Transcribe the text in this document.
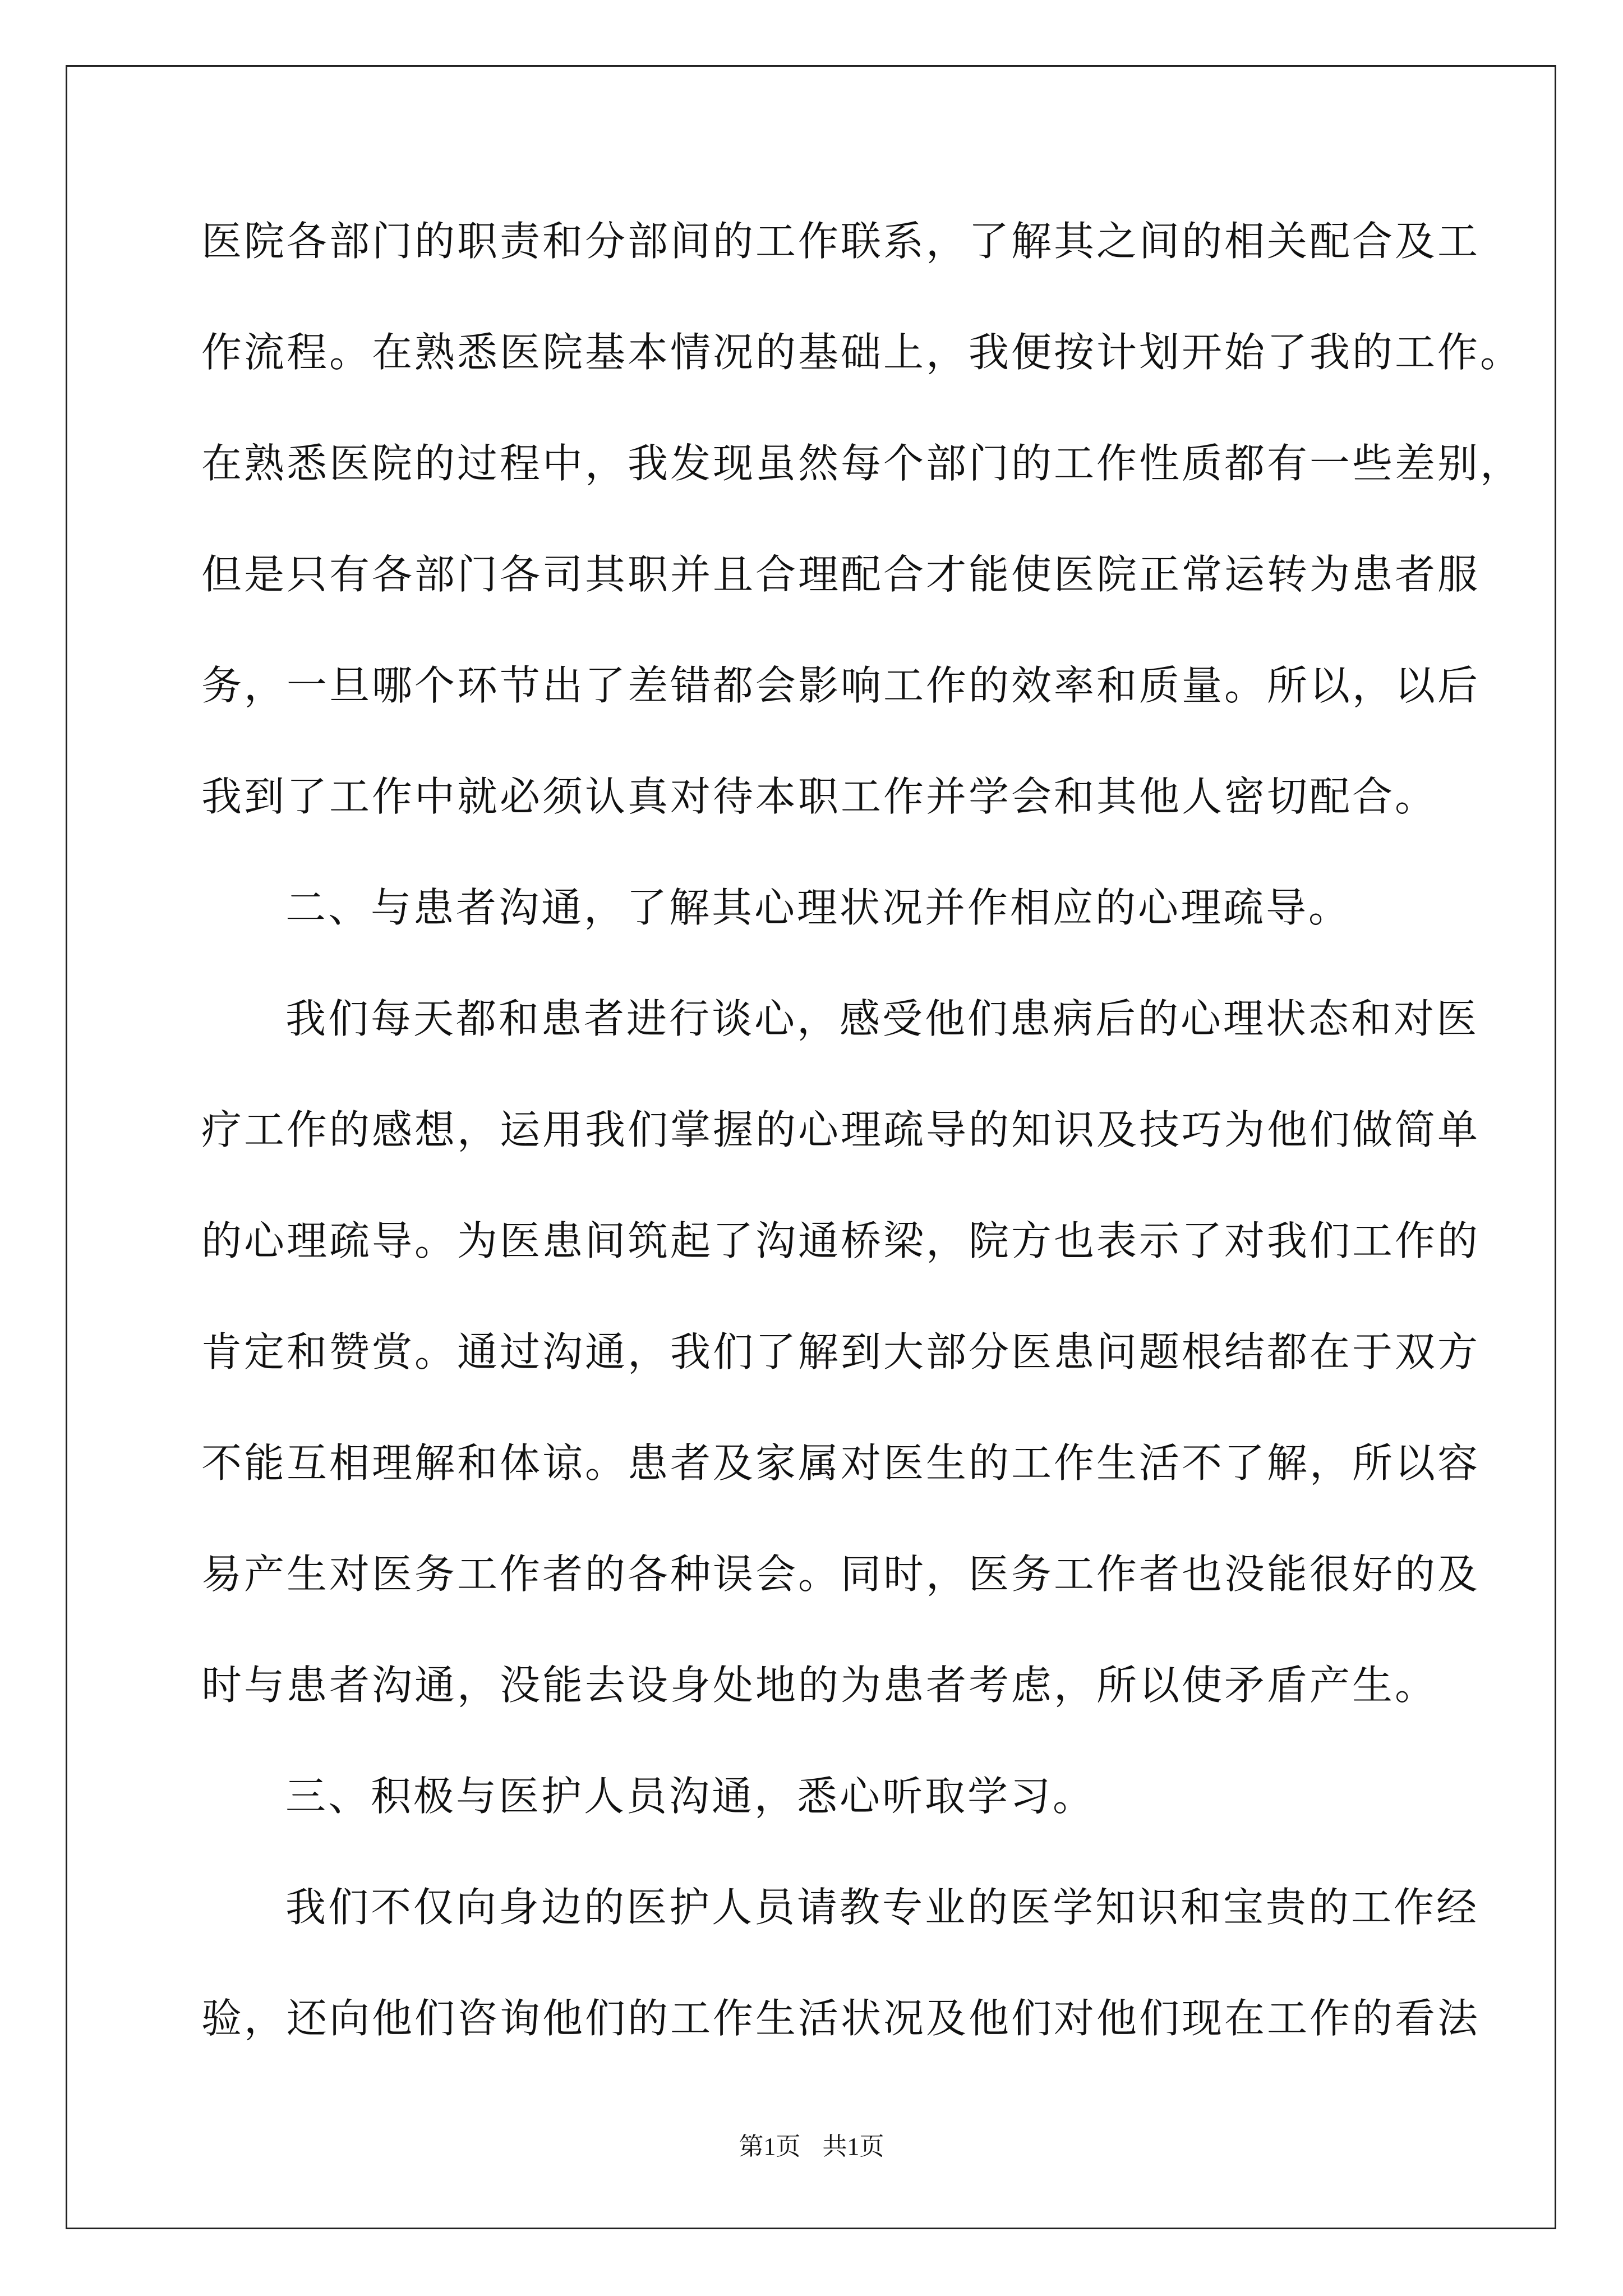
医院各部门的职责和分部间的工作联系，了解其之间的相关配合及工
作流程。在熟悉医院基本情况的基础上，我便按计划开始了我的工作。
在熟悉医院的过程中，我发现虽然每个部门的工作性质都有一些差别，
但是只有各部门各司其职并且合理配合才能使医院正常运转为患者服
务，一旦哪个环节出了差错都会影响工作的效率和质量。所以，以后
我到了工作中就必须认真对待本职工作并学会和其他人密切配合。
二、与患者沟通，了解其心理状况并作相应的心理疏导。
我们每天都和患者进行谈心，感受他们患病后的心理状态和对医
疗工作的感想，运用我们掌握的心理疏导的知识及技巧为他们做简单
的心理疏导。为医患间筑起了沟通桥梁，院方也表示了对我们工作的
肯定和赞赏。通过沟通，我们了解到大部分医患问题根结都在于双方
不能互相理解和体谅。患者及家属对医生的工作生活不了解，所以容
易产生对医务工作者的各种误会。同时，医务工作者也没能很好的及
时与患者沟通，没能去设身处地的为患者考虑，所以使矛盾产生。
三、积极与医护人员沟通，悉心听取学习。
我们不仅向身边的医护人员请教专业的医学知识和宝贵的工作经
验，还向他们咨询他们的工作生活状况及他们对他们现在工作的看法
第1页 共1页
